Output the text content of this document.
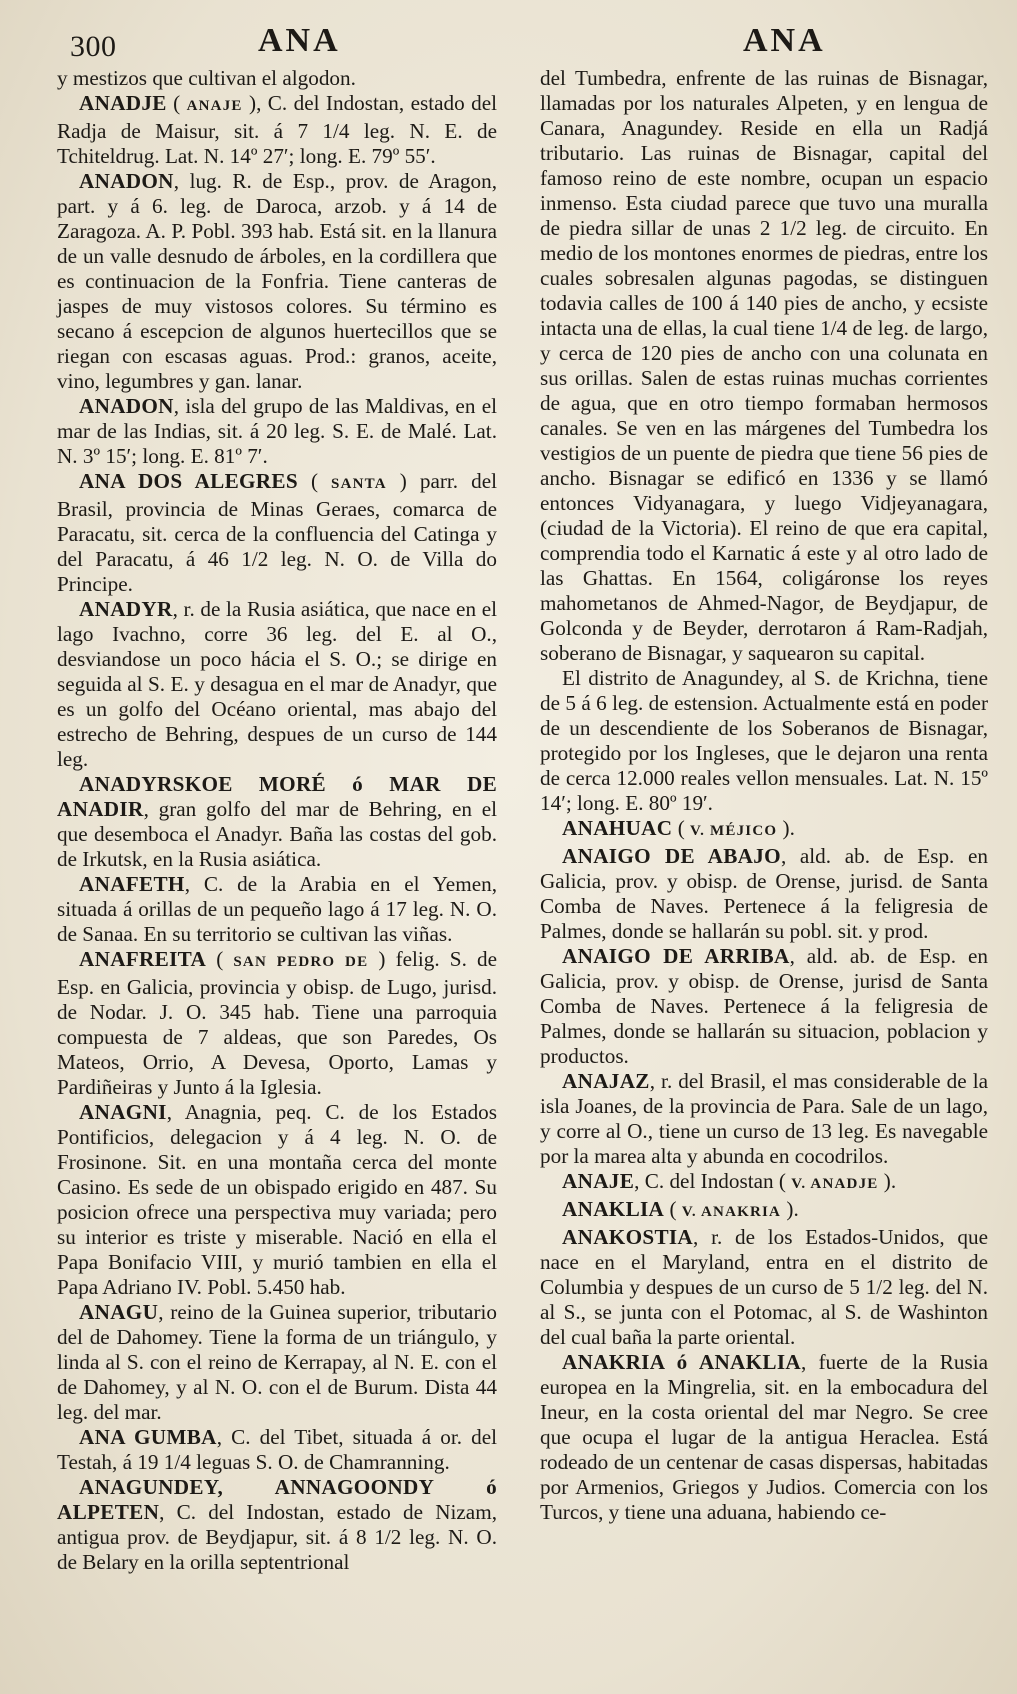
300	ANA	ANA

y mestizos que cultivan el algodon.

ANADJE ( ANAJE ), C. del Indostan, estado del Radja de Maisur, sit. á 7 1/4 leg. N. E. de Tchiteldrug. Lat. N. 14º 27′; long. E. 79º 55′.

ANADON, lug. R. de Esp., prov. de Aragon, part. y á 6. leg. de Daroca, arzob. y á 14 de Zaragoza. A. P. Pobl. 393 hab. Está sit. en la llanura de un valle desnudo de árboles, en la cordillera que es continuacion de la Fonfria. Tiene canteras de jaspes de muy vistosos colores. Su término es secano á escepcion de algunos huertecillos que se riegan con escasas aguas. Prod.: granos, aceite, vino, legumbres y gan. lanar.

ANADON, isla del grupo de las Maldivas, en el mar de las Indias, sit. á 20 leg. S. E. de Malé. Lat. N. 3º 15′; long. E. 81º 7′.

ANA DOS ALEGRES ( SANTA ) parr. del Brasil, provincia de Minas Geraes, comarca de Paracatu, sit. cerca de la confluencia del Catinga y del Paracatu, á 46 1/2 leg. N. O. de Villa do Principe.

ANADYR, r. de la Rusia asiática, que nace en el lago Ivachno, corre 36 leg. del E. al O., desviandose un poco hácia el S. O.; se dirige en seguida al S. E. y desagua en el mar de Anadyr, que es un golfo del Océano oriental, mas abajo del estrecho de Behring, despues de un curso de 144 leg.

ANADYRSKOE MORÉ ó MAR DE ANADIR, gran golfo del mar de Behring, en el que desemboca el Anadyr. Baña las costas del gob. de Irkutsk, en la Rusia asiática.

ANAFETH, C. de la Arabia en el Yemen, situada á orillas de un pequeño lago á 17 leg. N. O. de Sanaa. En su territorio se cultivan las viñas.

ANAFREITA ( SAN PEDRO DE ) felig. S. de Esp. en Galicia, provincia y obisp. de Lugo, jurisd. de Nodar. J. O. 345 hab. Tiene una parroquia compuesta de 7 aldeas, que son Paredes, Os Mateos, Orrio, A Devesa, Oporto, Lamas y Pardiñeiras y Junto á la Iglesia.

ANAGNI, Anagnia, peq. C. de los Estados Pontificios, delegacion y á 4 leg. N. O. de Frosinone. Sit. en una montaña cerca del monte Casino. Es sede de un obispado erigido en 487. Su posicion ofrece una perspectiva muy variada; pero su interior es triste y miserable. Nació en ella el Papa Bonifacio VIII, y murió tambien en ella el Papa Adriano IV. Pobl. 5.450 hab.

ANAGU, reino de la Guinea superior, tributario del de Dahomey. Tiene la forma de un triángulo, y linda al S. con el reino de Kerrapay, al N. E. con el de Dahomey, y al N. O. con el de Burum. Dista 44 leg. del mar.

ANA GUMBA, C. del Tibet, situada á or. del Testah, á 19 1/4 leguas S. O. de Chamranning.

ANAGUNDEY, ANNAGOONDY ó ALPETEN, C. del Indostan, estado de Nizam, antigua prov. de Beydjapur, sit. á 8 1/2 leg. N. O. de Belary en la orilla septentrional

del Tumbedra, enfrente de las ruinas de Bisnagar, llamadas por los naturales Alpeten, y en lengua de Canara, Anagundey. Reside en ella un Radjá tributario. Las ruinas de Bisnagar, capital del famoso reino de este nombre, ocupan un espacio inmenso. Esta ciudad parece que tuvo una muralla de piedra sillar de unas 2 1/2 leg. de circuito. En medio de los montones enormes de piedras, entre los cuales sobresalen algunas pagodas, se distinguen todavia calles de 100 á 140 pies de ancho, y ecsiste intacta una de ellas, la cual tiene 1/4 de leg. de largo, y cerca de 120 pies de ancho con una colunata en sus orillas. Salen de estas ruinas muchas corrientes de agua, que en otro tiempo formaban hermosos canales. Se ven en las márgenes del Tumbedra los vestigios de un puente de piedra que tiene 56 pies de ancho. Bisnagar se edificó en 1336 y se llamó entonces Vidyanagara, y luego Vidjeyanagara, (ciudad de la Victoria). El reino de que era capital, comprendia todo el Karnatic á este y al otro lado de las Ghattas. En 1564, coligáronse los reyes mahometanos de Ahmed-Nagor, de Beydjapur, de Golconda y de Beyder, derrotaron á Ram-Radjah, soberano de Bisnagar, y saquearon su capital.

El distrito de Anagundey, al S. de Krichna, tiene de 5 á 6 leg. de estension. Actualmente está en poder de un descendiente de los Soberanos de Bisnagar, protegido por los Ingleses, que le dejaron una renta de cerca 12.000 reales vellon mensuales. Lat. N. 15º 14′; long. E. 80º 19′.

ANAHUAC ( V. MÉJICO ).

ANAIGO DE ABAJO, ald. ab. de Esp. en Galicia, prov. y obisp. de Orense, jurisd. de Santa Comba de Naves. Pertenece á la feligresia de Palmes, donde se hallarán su pobl. sit. y prod.

ANAIGO DE ARRIBA, ald. ab. de Esp. en Galicia, prov. y obisp. de Orense, jurisd de Santa Comba de Naves. Pertenece á la feligresia de Palmes, donde se hallarán su situacion, poblacion y productos.

ANAJAZ, r. del Brasil, el mas considerable de la isla Joanes, de la provincia de Para. Sale de un lago, y corre al O., tiene un curso de 13 leg. Es navegable por la marea alta y abunda en cocodrilos.

ANAJE, C. del Indostan ( V. ANADJE ).

ANAKLIA ( V. ANAKRIA ).

ANAKOSTIA, r. de los Estados-Unidos, que nace en el Maryland, entra en el distrito de Columbia y despues de un curso de 5 1/2 leg. del N. al S., se junta con el Potomac, al S. de Washinton del cual baña la parte oriental.

ANAKRIA ó ANAKLIA, fuerte de la Rusia europea en la Mingrelia, sit. en la embocadura del Ineur, en la costa oriental del mar Negro. Se cree que ocupa el lugar de la antigua Heraclea. Está rodeado de un centenar de casas dispersas, habitadas por Armenios, Griegos y Judios. Comercia con los Turcos, y tiene una aduana, habiendo ce-
